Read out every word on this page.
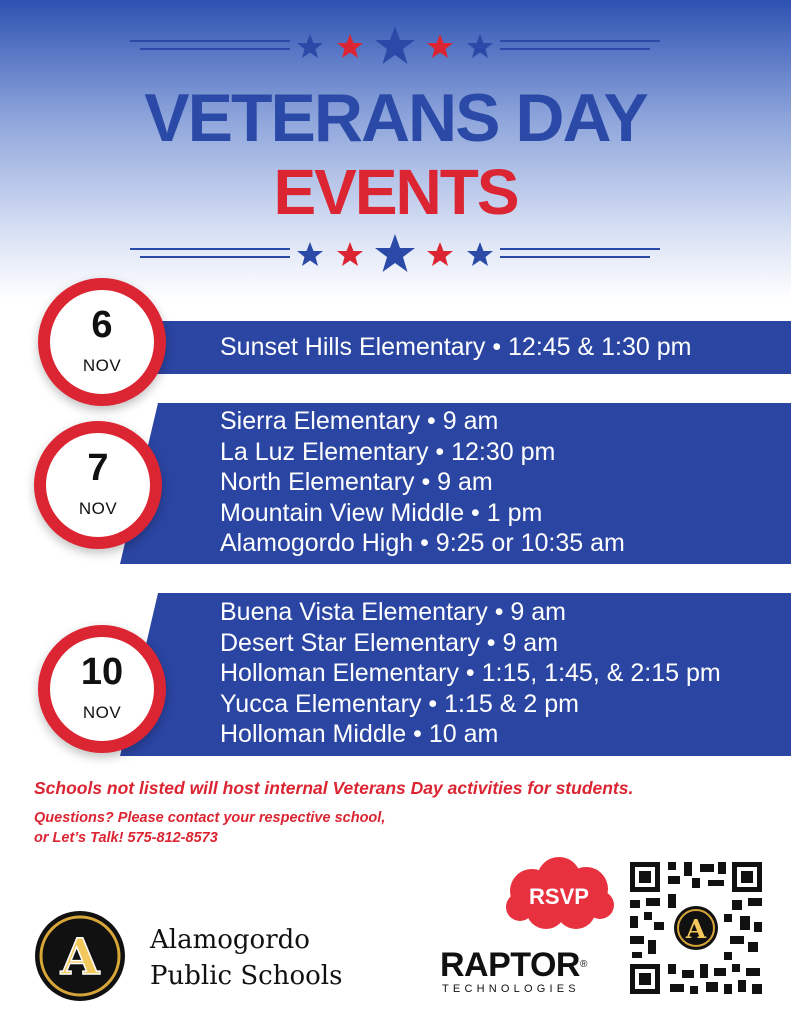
VETERANS DAY
EVENTS
Sunset Hills Elementary • 12:45 & 1:30 pm
6
NOV
Sierra Elementary • 9 am
La Luz Elementary • 12:30 pm
North Elementary • 9 am
Mountain View Middle • 1 pm
Alamogordo High • 9:25 or 10:35 am
7
NOV
Buena Vista Elementary • 9 am
Desert Star Elementary • 9 am
Holloman Elementary • 1:15, 1:45, & 2:15 pm
Yucca Elementary • 1:15 & 2 pm
Holloman Middle • 10 am
10
NOV
Schools not listed will host internal Veterans Day activities for students.
Questions? Please contact your respective school,
or Let’s Talk! 575-812-8573
A Alamogordo
Public Schools
RSVP
RAPTOR®
TECHNOLOGIES
A
